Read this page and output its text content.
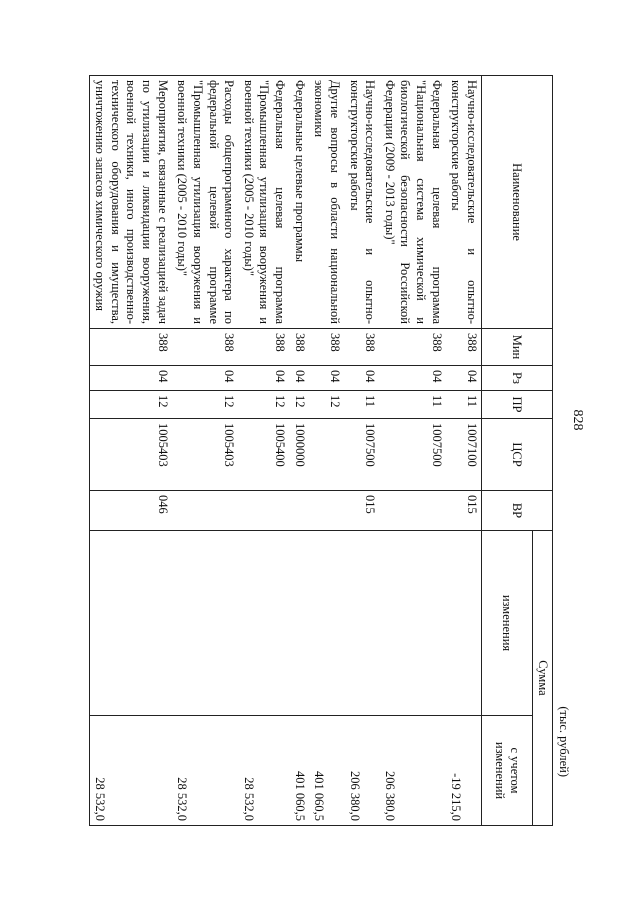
828
(тыс. рублей)
Наименование	Мин	Рз	ПР	ЦСР	ВР	Сумма	
						изменения	с учетом изменений
Научно-исследовательские и опытно-конструкторские работы	388	04	11	1007100	015		-19 215,0
Федеральная целевая программа "Национальная система химической и биологической безопасности Российской Федерации (2009 - 2013 годы)"	388	04	11	1007500			206 380,0
Научно-исследовательские и опытно-конструкторские работы	388	04	11	1007500	015		206 380,0
Другие вопросы в области национальной экономики	388	04	12				401 060,5
Федеральные целевые программы	388	04	12	1000000			401 060,5
Федеральная целевая программа "Промышленная утилизация вооружения и военной техники (2005 - 2010 годы)"	388	04	12	1005400			28 532,0
Расходы общепрограммного характера по федеральной целевой программе "Промышленная утилизация вооружения и военной техники (2005 - 2010 годы)"	388	04	12	1005403			28 532,0
Мероприятия, связанные с реализацией задач по утилизации и ликвидации вооружения, военной техники, иного производственно-технического оборудования и имущества, уничтожению запасов химического оружия	388	04	12	1005403	046		28 532,0
